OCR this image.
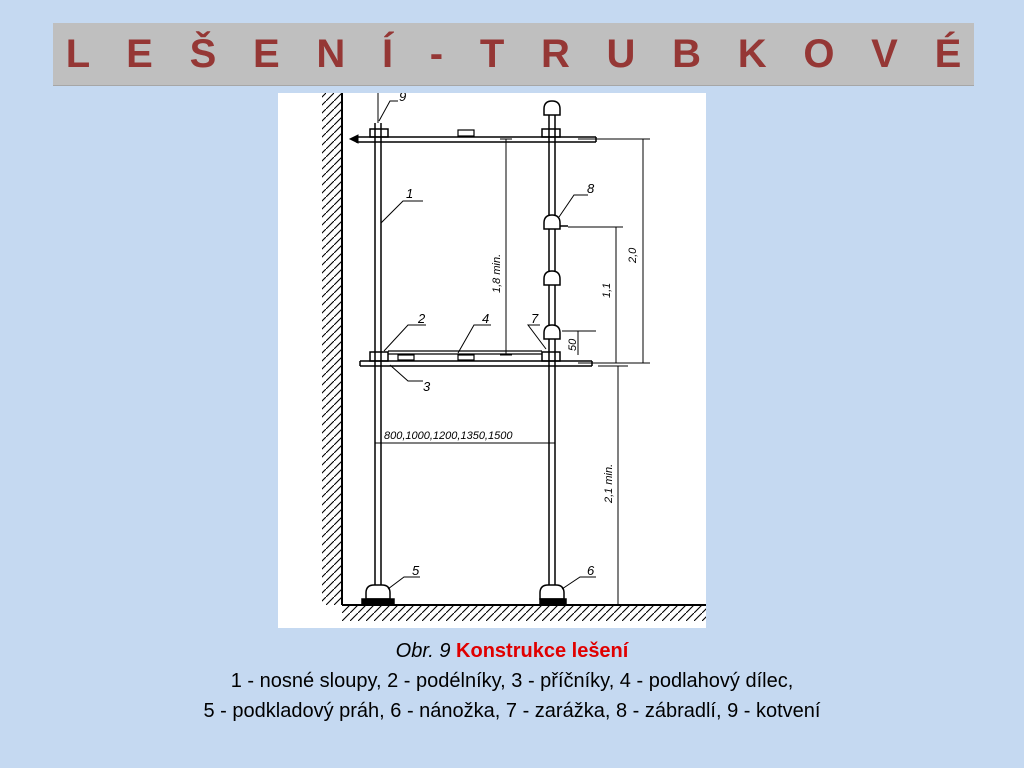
L E Š E N Í - T R U B K O V É
9
1
2	4
3
7
8
5	6
800,1000,1200,1350,1500
1,8 min.	2,0
1,1
50
2,1 min.
Obr. 9 Konstrukce lešení
1 - nosné sloupy, 2 - podélníky, 3 - příčníky, 4 - podlahový dílec,
5 - podkladový práh, 6 - nánožka, 7 - zarážka, 8 - zábradlí, 9 - kotvení
